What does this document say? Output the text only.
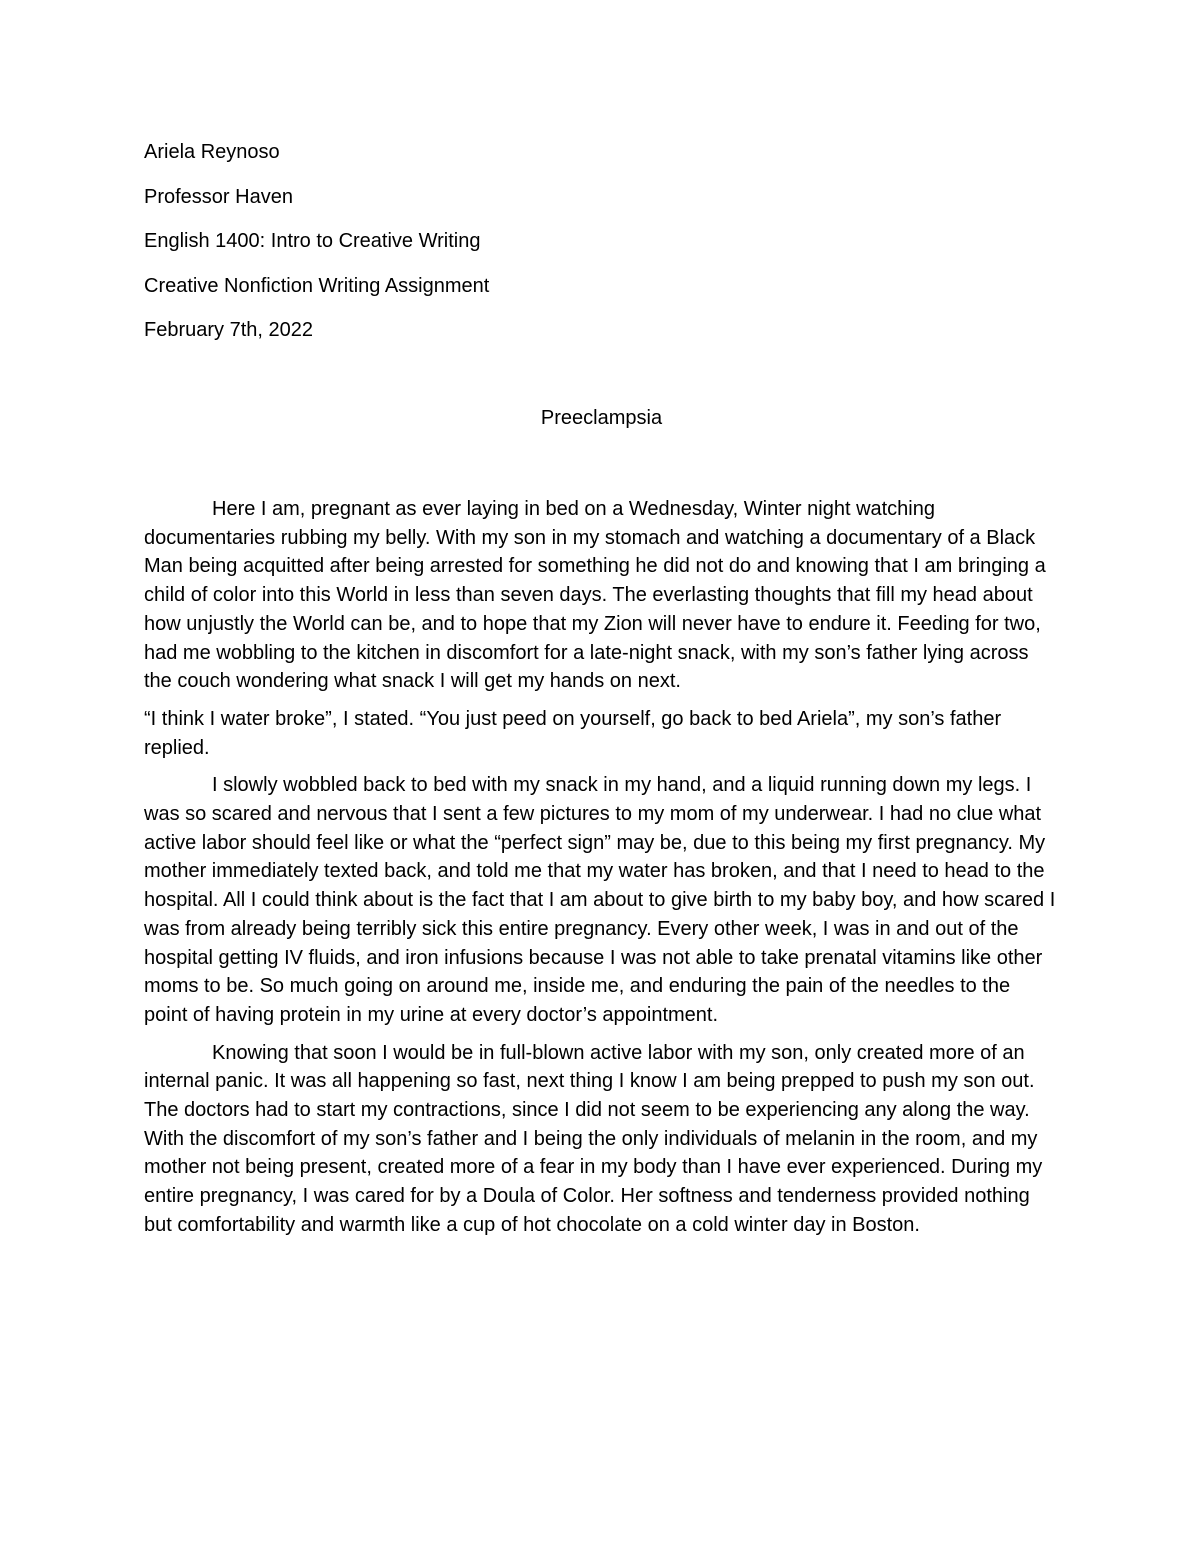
Ariela Reynoso
Professor Haven
English 1400: Intro to Creative Writing
Creative Nonfiction Writing Assignment
February 7th, 2022
Preeclampsia

Here I am, pregnant as ever laying in bed on a Wednesday, Winter night watching documentaries rubbing my belly. With my son in my stomach and watching a documentary of a Black Man being acquitted after being arrested for something he did not do and knowing that I am bringing a child of color into this World in less than seven days. The everlasting thoughts that fill my head about how unjustly the World can be, and to hope that my Zion will never have to endure it. Feeding for two, had me wobbling to the kitchen in discomfort for a late-night snack, with my son’s father lying across the couch wondering what snack I will get my hands on next.

“I think I water broke”, I stated. “You just peed on yourself, go back to bed Ariela”, my son’s father replied.

I slowly wobbled back to bed with my snack in my hand, and a liquid running down my legs. I was so scared and nervous that I sent a few pictures to my mom of my underwear. I had no clue what active labor should feel like or what the “perfect sign” may be, due to this being my first pregnancy. My mother immediately texted back, and told me that my water has broken, and that I need to head to the hospital. All I could think about is the fact that I am about to give birth to my baby boy, and how scared I was from already being terribly sick this entire pregnancy. Every other week, I was in and out of the hospital getting IV fluids, and iron infusions because I was not able to take prenatal vitamins like other moms to be. So much going on around me, inside me, and enduring the pain of the needles to the point of having protein in my urine at every doctor’s appointment.

Knowing that soon I would be in full-blown active labor with my son, only created more of an internal panic. It was all happening so fast, next thing I know I am being prepped to push my son out. The doctors had to start my contractions, since I did not seem to be experiencing any along the way. With the discomfort of my son’s father and I being the only individuals of melanin in the room, and my mother not being present, created more of a fear in my body than I have ever experienced. During my entire pregnancy, I was cared for by a Doula of Color. Her softness and tenderness provided nothing but comfortability and warmth like a cup of hot chocolate on a cold winter day in Boston.
